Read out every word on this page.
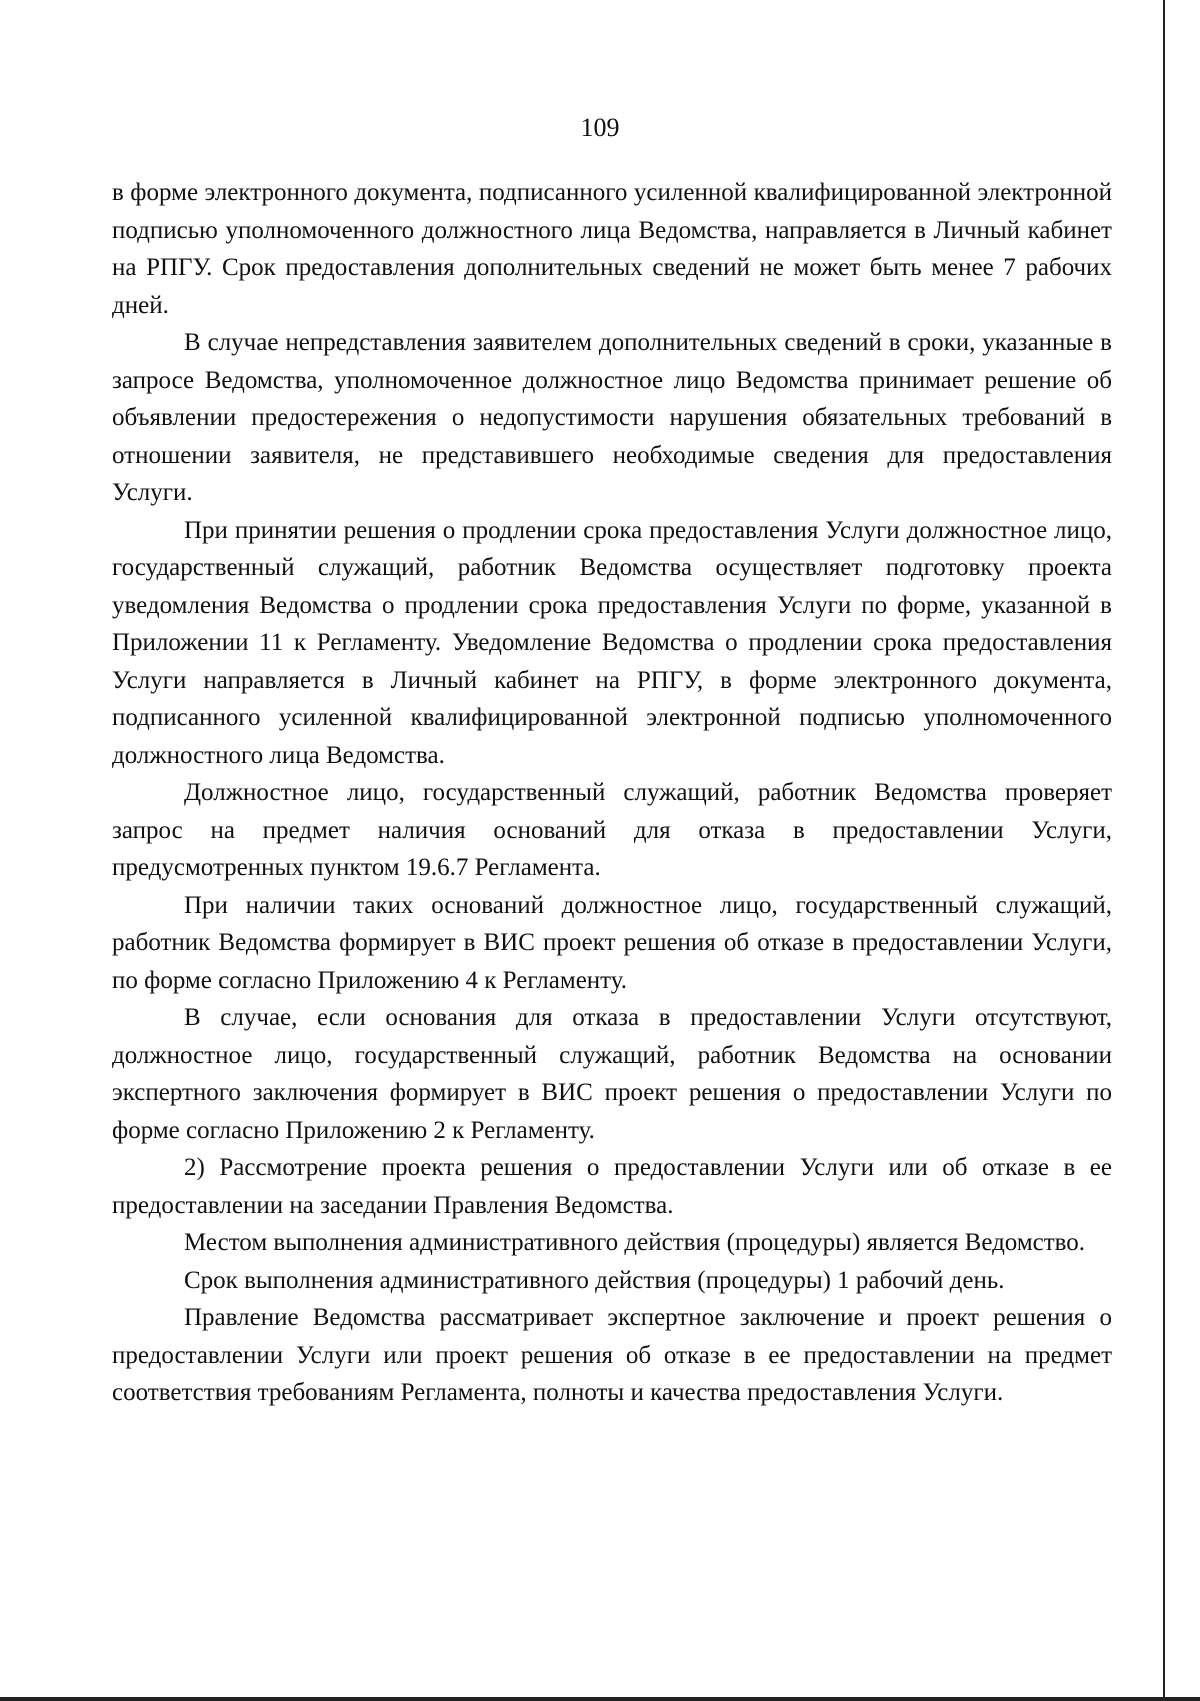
109

в форме электронного документа, подписанного усиленной квалифицированной электронной подписью уполномоченного должностного лица Ведомства, направляется в Личный кабинет на РПГУ. Срок предоставления дополнительных сведений не может быть менее 7 рабочих дней.

В случае непредставления заявителем дополнительных сведений в сроки, указанные в запросе Ведомства, уполномоченное должностное лицо Ведомства принимает решение об объявлении предостережения о недопустимости нарушения обязательных требований в отношении заявителя, не представившего необходимые сведения для предоставления Услуги.

При принятии решения о продлении срока предоставления Услуги должностное лицо, государственный служащий, работник Ведомства осуществляет подготовку проекта уведомления Ведомства о продлении срока предоставления Услуги по форме, указанной в Приложении 11 к Регламенту. Уведомление Ведомства о продлении срока предоставления Услуги направляется в Личный кабинет на РПГУ, в форме электронного документа, подписанного усиленной квалифицированной электронной подписью уполномоченного должностного лица Ведомства.

Должностное лицо, государственный служащий, работник Ведомства проверяет запрос на предмет наличия оснований для отказа в предоставлении Услуги, предусмотренных пунктом 19.6.7 Регламента.

При наличии таких оснований должностное лицо, государственный служащий, работник Ведомства формирует в ВИС проект решения об отказе в предоставлении Услуги, по форме согласно Приложению 4 к Регламенту.

В случае, если основания для отказа в предоставлении Услуги отсутствуют, должностное лицо, государственный служащий, работник Ведомства на основании экспертного заключения формирует в ВИС проект решения о предоставлении Услуги по форме согласно Приложению 2 к Регламенту.

2) Рассмотрение проекта решения о предоставлении Услуги или об отказе в ее предоставлении на заседании Правления Ведомства.

Местом выполнения административного действия (процедуры) является Ведомство.

Срок выполнения административного действия (процедуры) 1 рабочий день.

Правление Ведомства рассматривает экспертное заключение и проект решения о предоставлении Услуги или проект решения об отказе в ее предоставлении на предмет соответствия требованиям Регламента, полноты и качества предоставления Услуги.
